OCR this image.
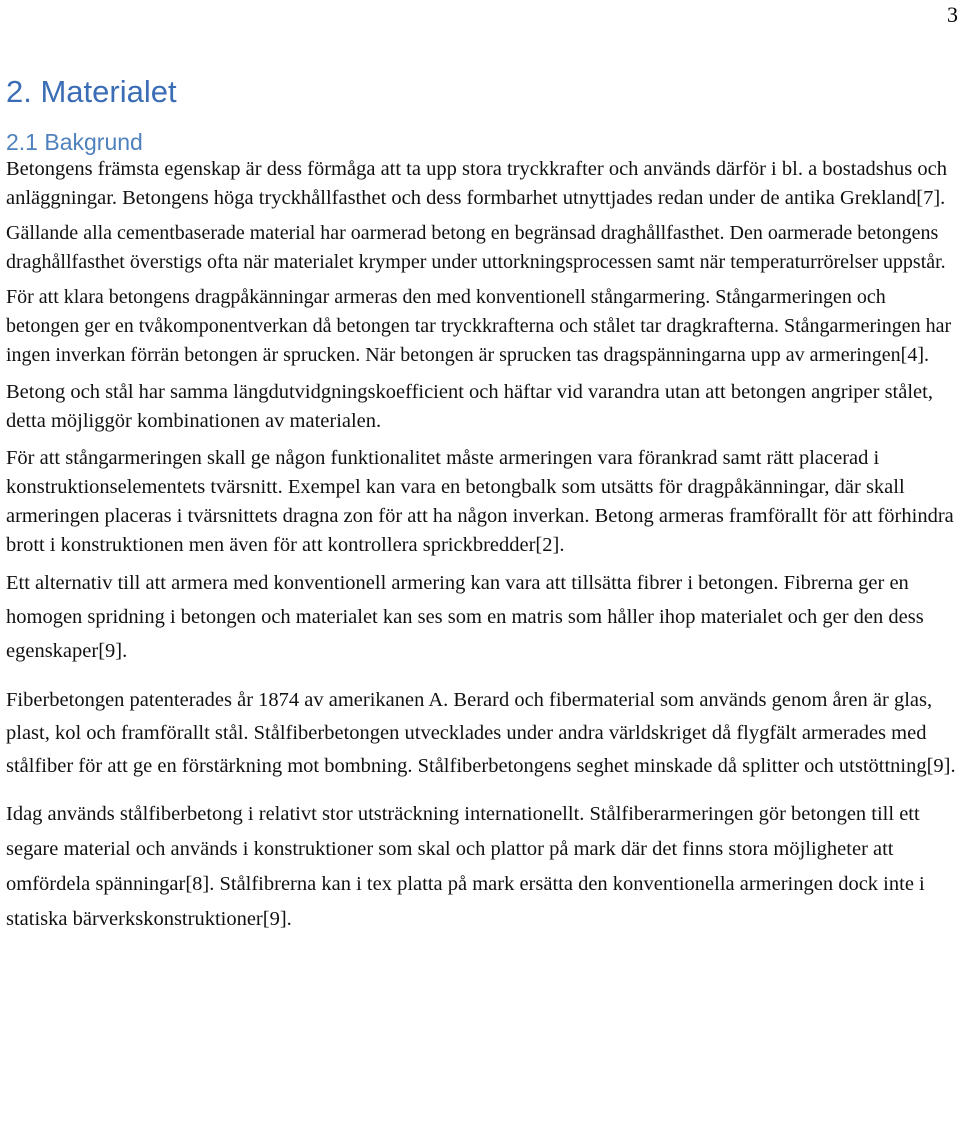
3
2. Materialet
2.1 Bakgrund

Betongens främsta egenskap är dess förmåga att ta upp stora tryckkrafter och används därför i bl. a bostadshus och anläggningar. Betongens höga tryckhållfasthet och dess formbarhet utnyttjades redan under de antika Grekland[7].

Gällande alla cementbaserade material har oarmerad betong en begränsad draghållfasthet. Den oarmerade betongens draghållfasthet överstigs ofta när materialet krymper under uttorkningsprocessen samt när temperaturrörelser uppstår.

För att klara betongens dragpåkänningar armeras den med konventionell stångarmering. Stångarmeringen och betongen ger en tvåkomponentverkan då betongen tar tryckkrafterna och stålet tar dragkrafterna. Stångarmeringen har ingen inverkan förrän betongen är sprucken. När betongen är sprucken tas dragspänningarna upp av armeringen[4].

Betong och stål har samma längdutvidgningskoefficient och häftar vid varandra utan att betongen angriper stålet, detta möjliggör kombinationen av materialen.

För att stångarmeringen skall ge någon funktionalitet måste armeringen vara förankrad samt rätt placerad i konstruktionselementets tvärsnitt. Exempel kan vara en betongbalk som utsätts för dragpåkänningar, där skall armeringen placeras i tvärsnittets dragna zon för att ha någon inverkan. Betong armeras framförallt för att förhindra brott i konstruktionen men även för att kontrollera sprickbredder[2].

Ett alternativ till att armera med konventionell armering kan vara att tillsätta fibrer i betongen. Fibrerna ger en homogen spridning i betongen och materialet kan ses som en matris som håller ihop materialet och ger den dess egenskaper[9].

Fiberbetongen patenterades år 1874 av amerikanen A. Berard och fibermaterial som används genom åren är glas, plast, kol och framförallt stål. Stålfiberbetongen utvecklades under andra världskriget då flygfält armerades med stålfiber för att ge en förstärkning mot bombning. Stålfiberbetongens seghet minskade då splitter och utstöttning[9].

Idag används stålfiberbetong i relativt stor utsträckning internationellt. Stålfiberarmeringen gör betongen till ett segare material och används i konstruktioner som skal och plattor på mark där det finns stora möjligheter att omfördela spänningar[8]. Stålfibrerna kan i tex platta på mark ersätta den konventionella armeringen dock inte i statiska bärverkskonstruktioner[9].
